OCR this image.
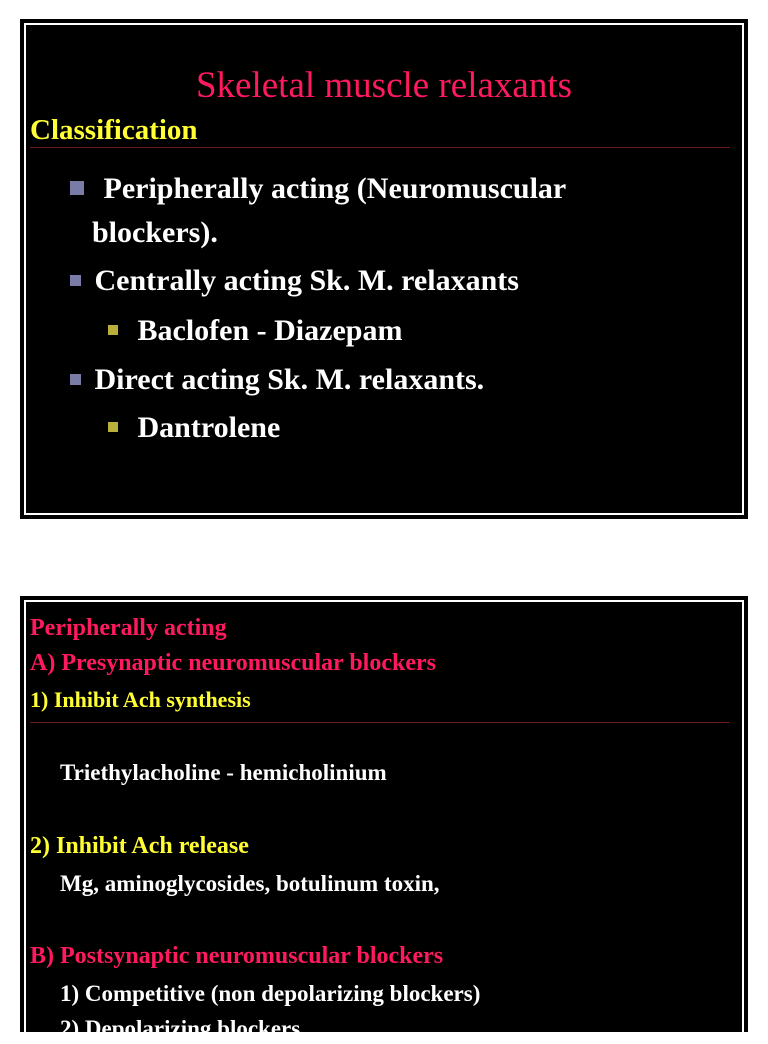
Skeletal muscle relaxants
Classification
Peripherally acting (Neuromuscular
blockers).
Centrally acting Sk. M. relaxants
Baclofen - Diazepam
Direct acting Sk. M. relaxants.
Dantrolene
Peripherally acting
A) Presynaptic neuromuscular blockers
1) Inhibit Ach synthesis
Triethylacholine - hemicholinium
2) Inhibit Ach release
Mg, aminoglycosides, botulinum toxin,
B) Postsynaptic neuromuscular blockers
1) Competitive (non depolarizing blockers)
2) Depolarizing blockers
